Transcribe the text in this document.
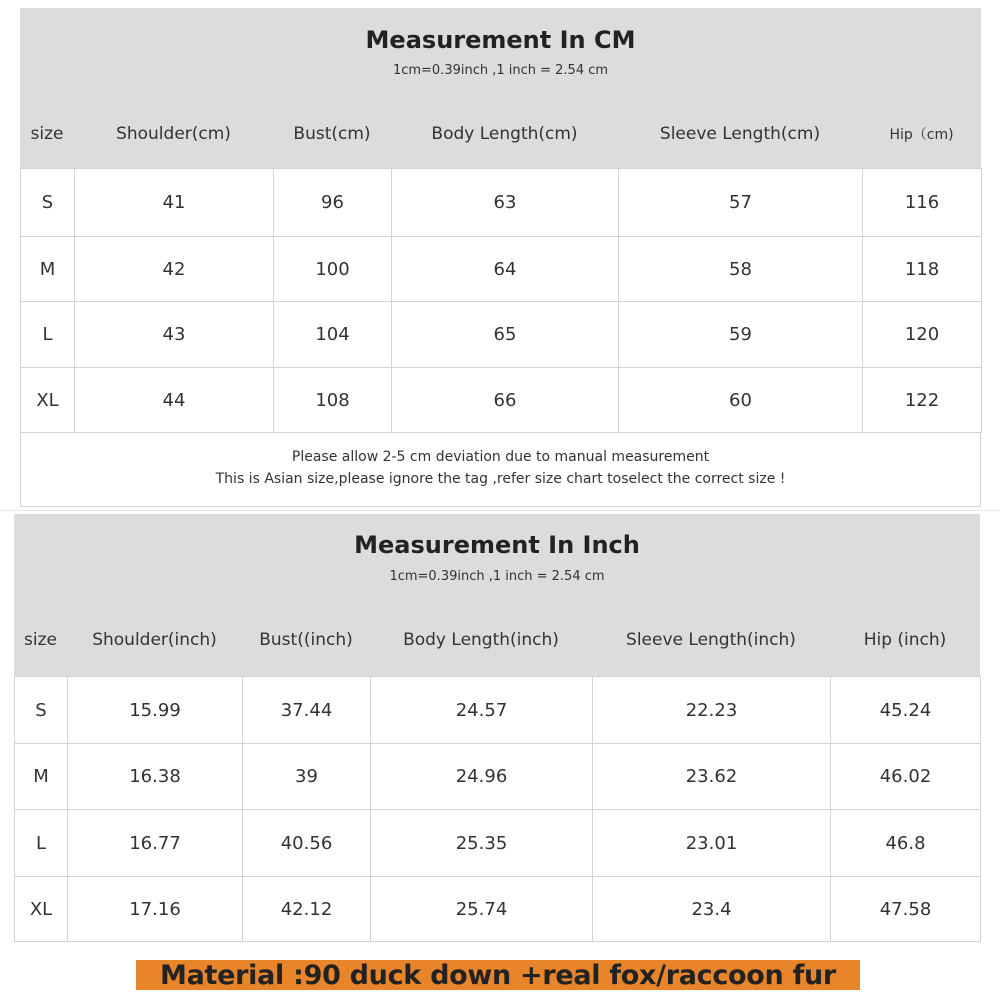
Measurement In CM
1cm=0.39inch ,1 inch = 2.54 cm
size	Shoulder(cm)	Bust(cm)	Body Length(cm)	Sleeve Length(cm)	Hip（cm)
S	41	96	63	57	116
M	42	100	64	58	118
L	43	104	65	59	120
XL	44	108	66	60	122
Please allow 2-5 cm deviation due to manual measurement
This is Asian size,please ignore the tag ,refer size chart toselect the correct size !
Measurement In Inch
1cm=0.39inch ,1 inch = 2.54 cm
size	Shoulder(inch)	Bust((inch)	Body Length(inch)	Sleeve Length(inch)	Hip (inch)
S	15.99	37.44	24.57	22.23	45.24
M	16.38	39	24.96	23.62	46.02
L	16.77	40.56	25.35	23.01	46.8
XL	17.16	42.12	25.74	23.4	47.58
Material :90 duck down +real fox/raccoon fur
